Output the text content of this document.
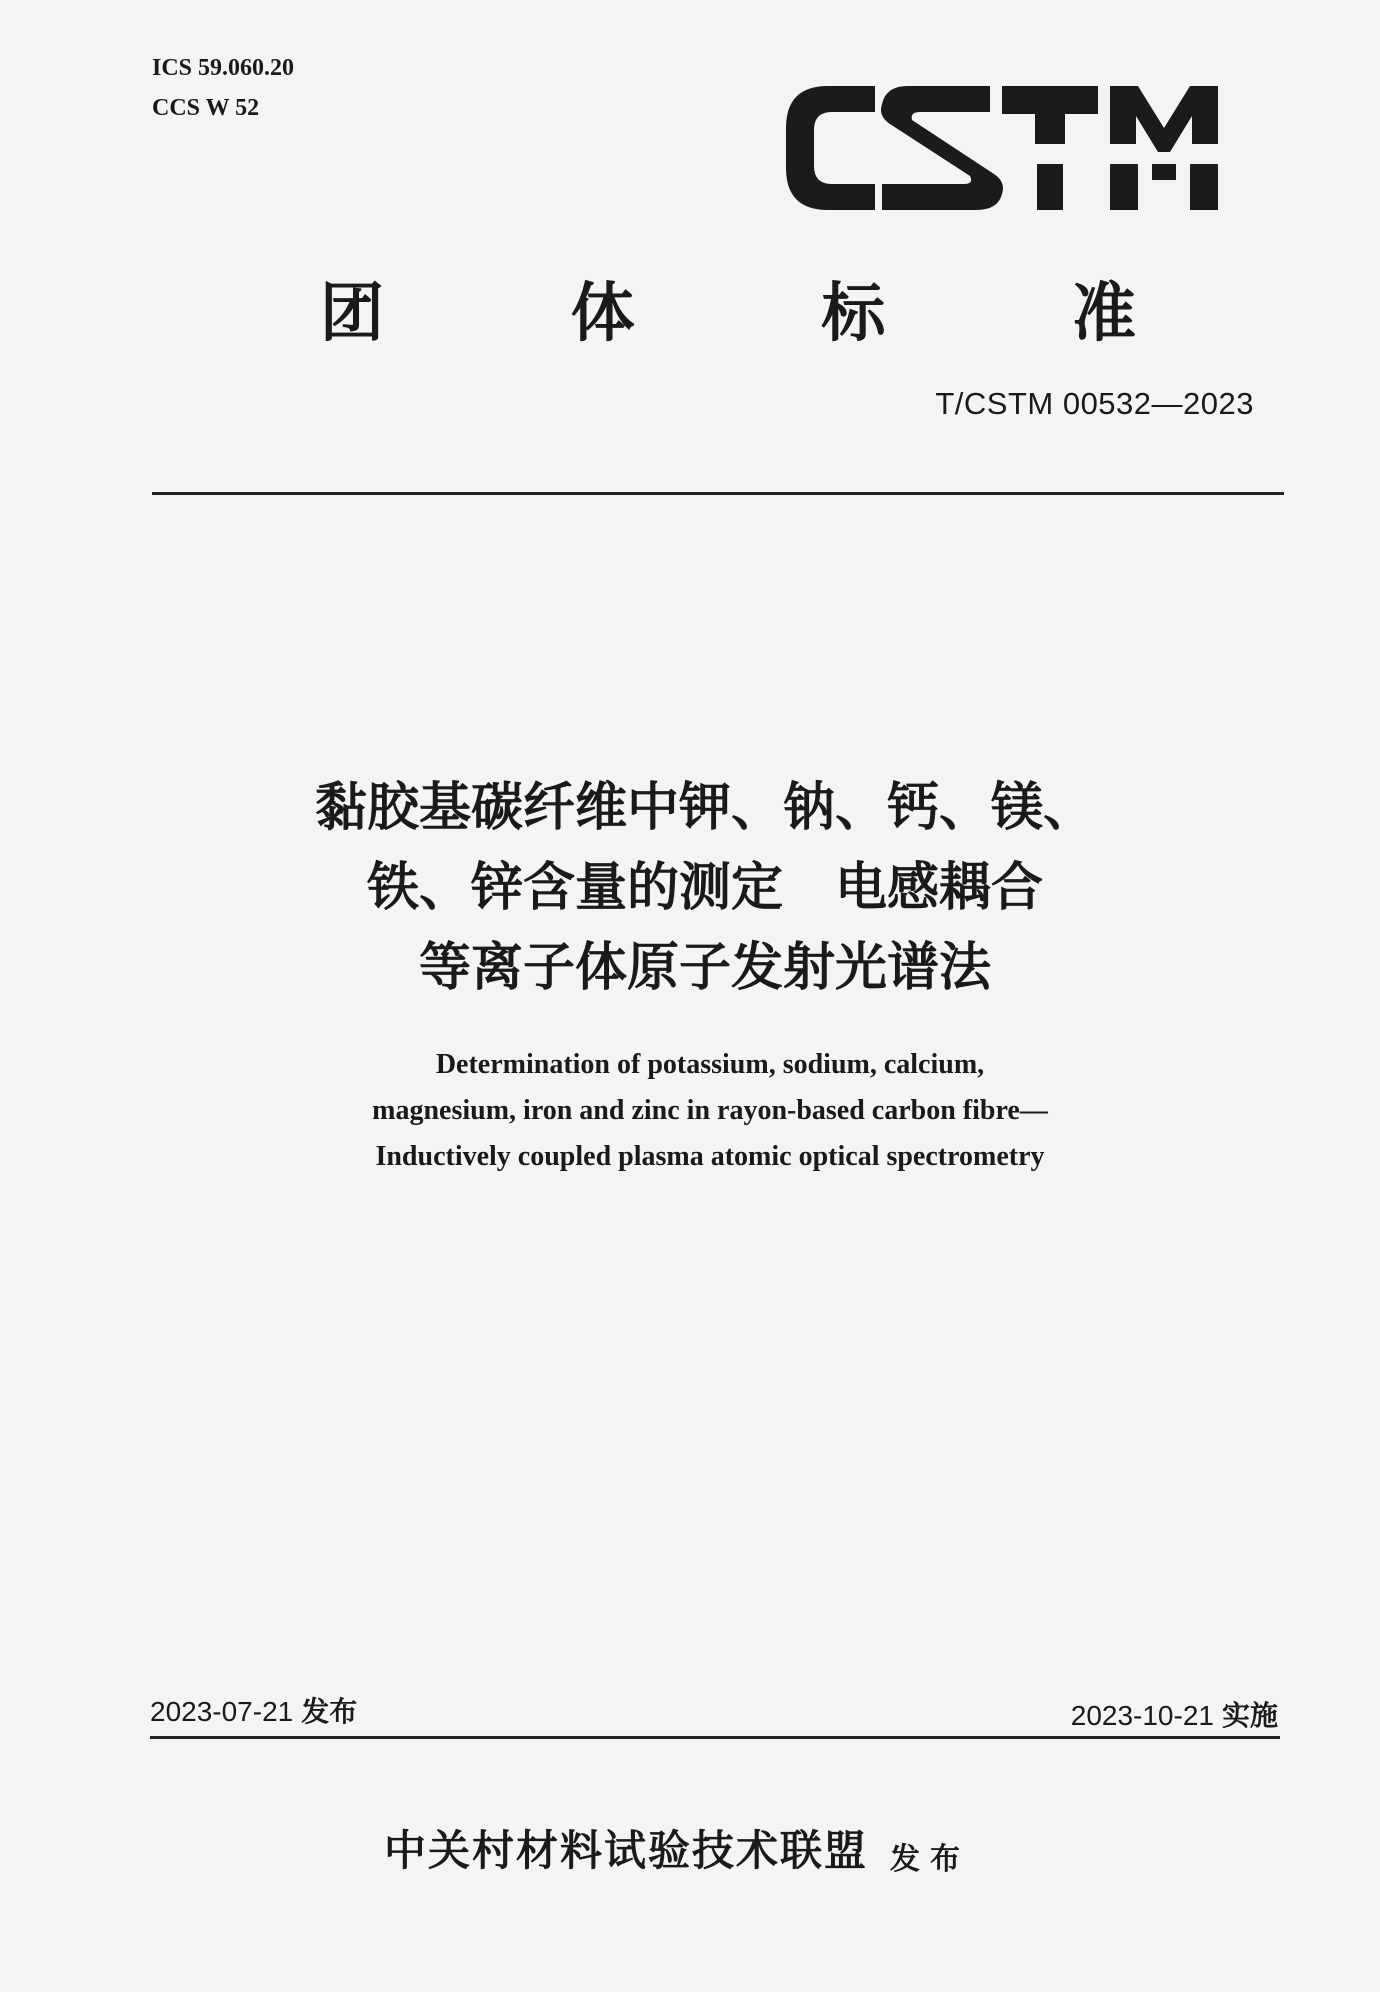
ICS 59.060.20
CCS W 52
团	体	标	准
T/CSTM 00532—2023
黏胶基碳纤维中钾、钠、钙、镁、
铁、锌含量的测定　电感耦合
等离子体原子发射光谱法
Determination of potassium, sodium, calcium,
magnesium, iron and zinc in rayon-based carbon fibre—
Inductively coupled plasma atomic optical spectrometry
2023-07-21 发布	2023-10-21 实施
中关村材料试验技术联盟 发布
